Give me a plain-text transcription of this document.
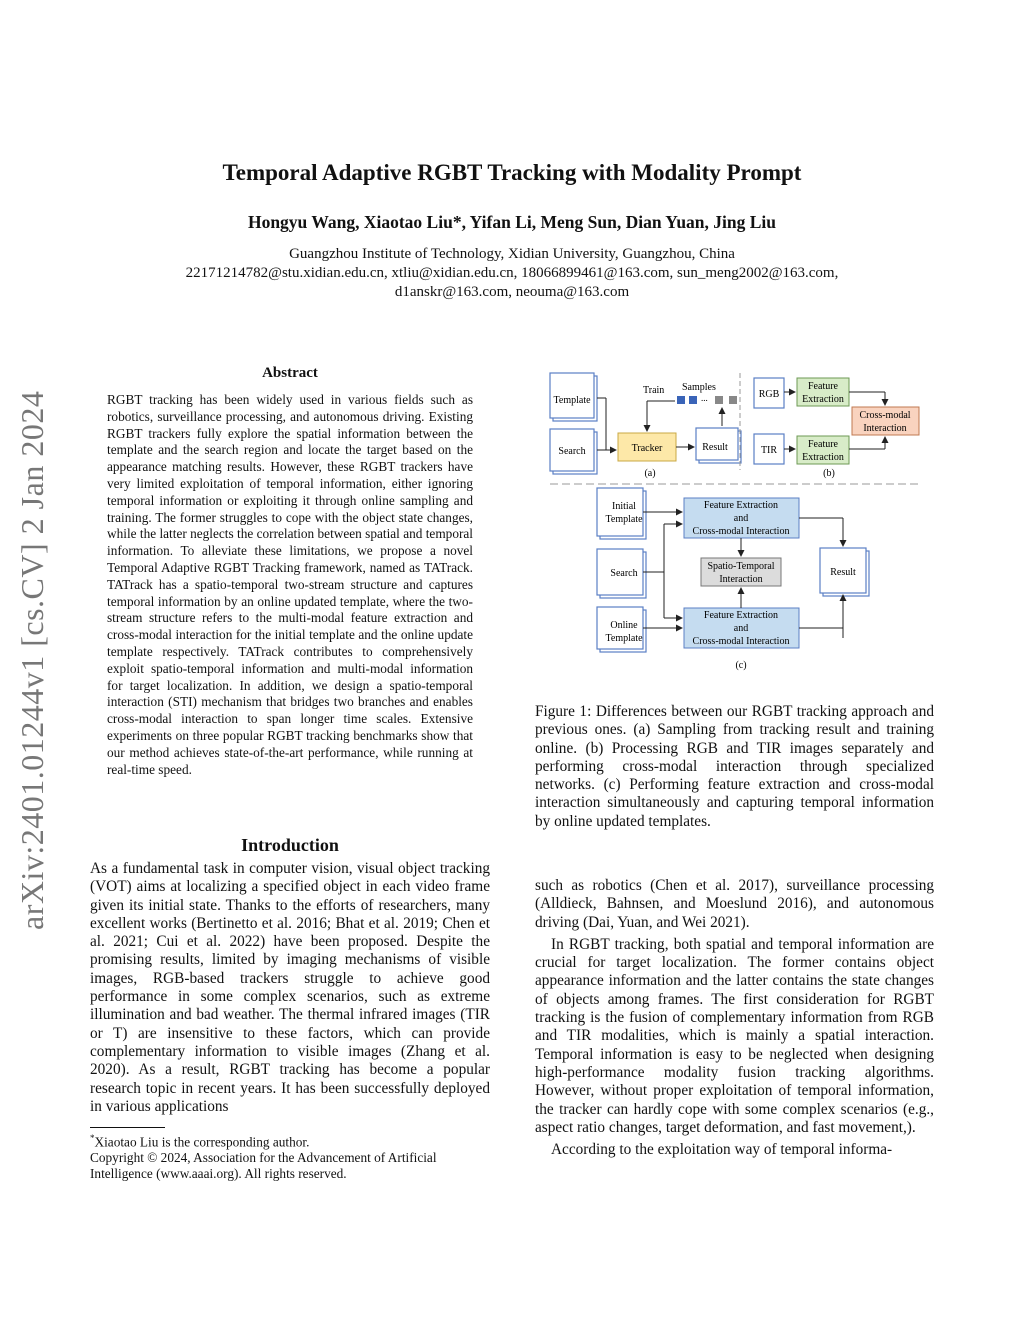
Temporal Adaptive RGBT Tracking with Modality Prompt
Hongyu Wang, Xiaotao Liu*, Yifan Li, Meng Sun, Dian Yuan, Jing Liu
Guangzhou Institute of Technology, Xidian University, Guangzhou, China
22171214782@stu.xidian.edu.cn, xtliu@xidian.edu.cn, 18066899461@163.com, sun_meng2002@163.com,
d1anskr@163.com, neouma@163.com
arXiv:2401.01244v1 [cs.CV] 2 Jan 2024
Abstract
RGBT tracking has been widely used in various fields such as robotics, surveillance processing, and autonomous driving. Existing RGBT trackers fully explore the spatial information between the template and the search region and locate the target based on the appearance matching results. However, these RGBT trackers have very limited exploitation of temporal information, either ignoring temporal information or exploiting it through online sampling and training. The former struggles to cope with the object state changes, while the latter neglects the correlation between spatial and temporal information. To alleviate these limitations, we propose a novel Temporal Adaptive RGBT Tracking framework, named as TATrack. TATrack has a spatio-temporal two-stream structure and captures temporal information by an online updated template, where the two-stream structure refers to the multi-modal feature extraction and cross-modal interaction for the initial template and the online update template respectively. TATrack contributes to comprehensively exploit spatio-temporal information and multi-modal information for target localization. In addition, we design a spatio-temporal interaction (STI) mechanism that bridges two branches and enables cross-modal interaction to span longer time scales. Extensive experiments on three popular RGBT tracking benchmarks show that our method achieves state-of-the-art performance, while running at real-time speed.
Introduction

As a fundamental task in computer vision, visual object tracking (VOT) aims at localizing a specified object in each video frame given its initial state. Thanks to the efforts of researchers, many excellent works (Bertinetto et al. 2016; Bhat et al. 2019; Chen et al. 2021; Cui et al. 2022) have been proposed. Despite the promising results, limited by imaging mechanisms of visible images, RGB-based trackers struggle to achieve good performance in some complex scenarios, such as extreme illumination and bad weather. The thermal infrared images (TIR or T) are insensitive to these factors, which can provide complementary information to visible images (Zhang et al. 2020). As a result, RGBT tracking has become a popular research topic in recent years. It has been successfully deployed in various applications

*Xiaotao Liu is the corresponding author.

Copyright © 2024, Association for the Advancement of Artificial Intelligence (www.aaai.org). All rights reserved.

Template
Search	Tracker	Result
Train Samples
...
(a)
RGB
TIR
Feature
Extraction
Feature
Extraction
Cross-modal
Interaction
(b)
Initial
Template
Search
Online
Template
Feature Extraction
and
Cross-modal Interaction
Spatio-Temporal
Interaction
Feature Extraction
and
Cross-modal Interaction
Result
(c)
Figure 1: Differences between our RGBT tracking approach and previous ones. (a) Sampling from tracking result and training online. (b) Processing RGB and TIR images separately and performing cross-modal interaction through specialized networks. (c) Performing feature extraction and cross-modal interaction simultaneously and capturing temporal information by online updated templates.

such as robotics (Chen et al. 2017), surveillance processing (Alldieck, Bahnsen, and Moeslund 2016), and autonomous driving (Dai, Yuan, and Wei 2021).

In RGBT tracking, both spatial and temporal information are crucial for target localization. The former contains object appearance information and the latter contains the state changes of objects among frames. The first consideration for RGBT tracking is the fusion of complementary information from RGB and TIR modalities, which is mainly a spatial interaction. Temporal information is easy to be neglected when designing high-performance modality fusion tracking algorithms. However, without proper exploitation of temporal information, the tracker can hardly cope with some complex scenarios (e.g., aspect ratio changes, target deformation, and fast movement,).

According to the exploitation way of temporal informa-
